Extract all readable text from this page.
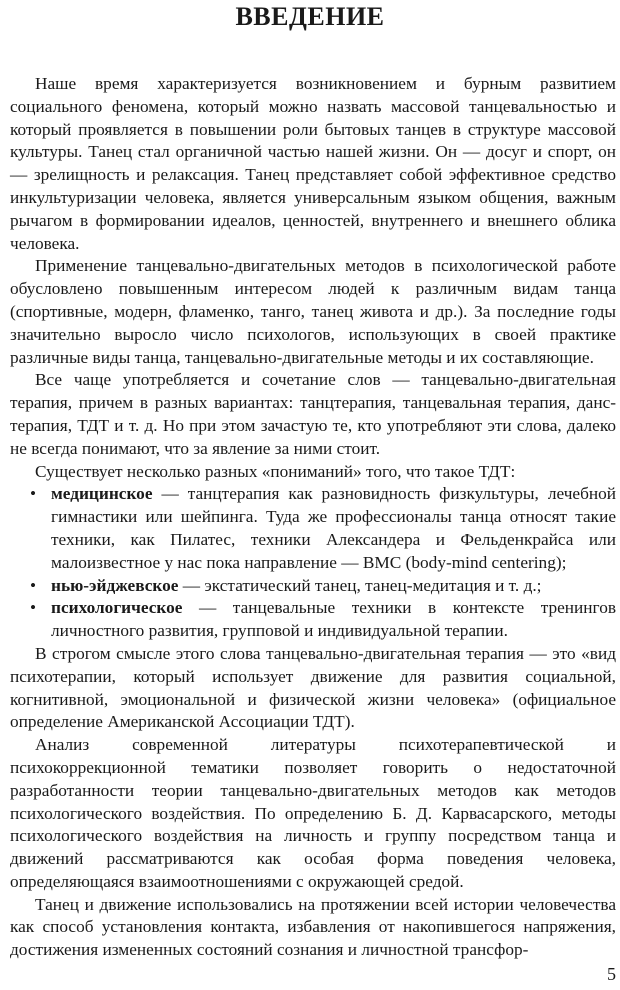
ВВЕДЕНИЕ

Наше время характеризуется возникновением и бурным развитием социального феномена, который можно назвать массовой танцевальностью и который проявляется в повышении роли бытовых танцев в структуре массовой культуры. Танец стал органичной частью нашей жизни. Он — досуг и спорт, он — зрелищность и релаксация. Танец представляет собой эффективное средство инкультуризации человека, является универсальным языком общения, важным рычагом в формировании идеалов, ценностей, внутреннего и внешнего облика человека.

Применение танцевально-двигательных методов в психологической работе обусловлено повышенным интересом людей к различным видам танца (спортивные, модерн, фламенко, танго, танец живота и др.). За последние годы значительно выросло число психологов, использующих в своей практике различные виды танца, танцевально-двигательные методы и их составляющие.

Все чаще употребляется и сочетание слов — танцевально-двигательная терапия, причем в разных вариантах: танцтерапия, танцевальная терапия, данс-терапия, ТДТ и т. д. Но при этом зачастую те, кто употребляют эти слова, далеко не всегда понимают, что за явление за ними стоит.

Существует несколько разных «пониманий» того, что такое ТДТ:

• медицинское — танцтерапия как разновидность физкультуры, лечебной гимнастики или шейпинга. Туда же профессионалы танца относят такие техники, как Пилатес, техники Александера и Фельденкрайса или малоизвестное у нас пока направление — BMC (body-mind centering);
• нью-эйджевское — экстатический танец, танец-медитация и т. д.;
• психологическое — танцевальные техники в контексте тренингов личностного развития, групповой и индивидуальной терапии.

В строгом смысле этого слова танцевально-двигательная терапия — это «вид психотерапии, который использует движение для развития социальной, когнитивной, эмоциональной и физической жизни человека» (официальное определение Американской Ассоциации ТДТ).

Анализ современной литературы психотерапевтической и психокоррекционной тематики позволяет говорить о недостаточной разработанности теории танцевально-двигательных методов как методов психологического воздействия. По определению Б. Д. Карвасарского, методы психологического воздействия на личность и группу посредством танца и движений рассматриваются как особая форма поведения человека, определяющаяся взаимоотношениями с окружающей средой.

Танец и движение использовались на протяжении всей истории человечества как способ установления контакта, избавления от накопившегося напряжения, достижения измененных состояний сознания и личностной трансфор-

5
